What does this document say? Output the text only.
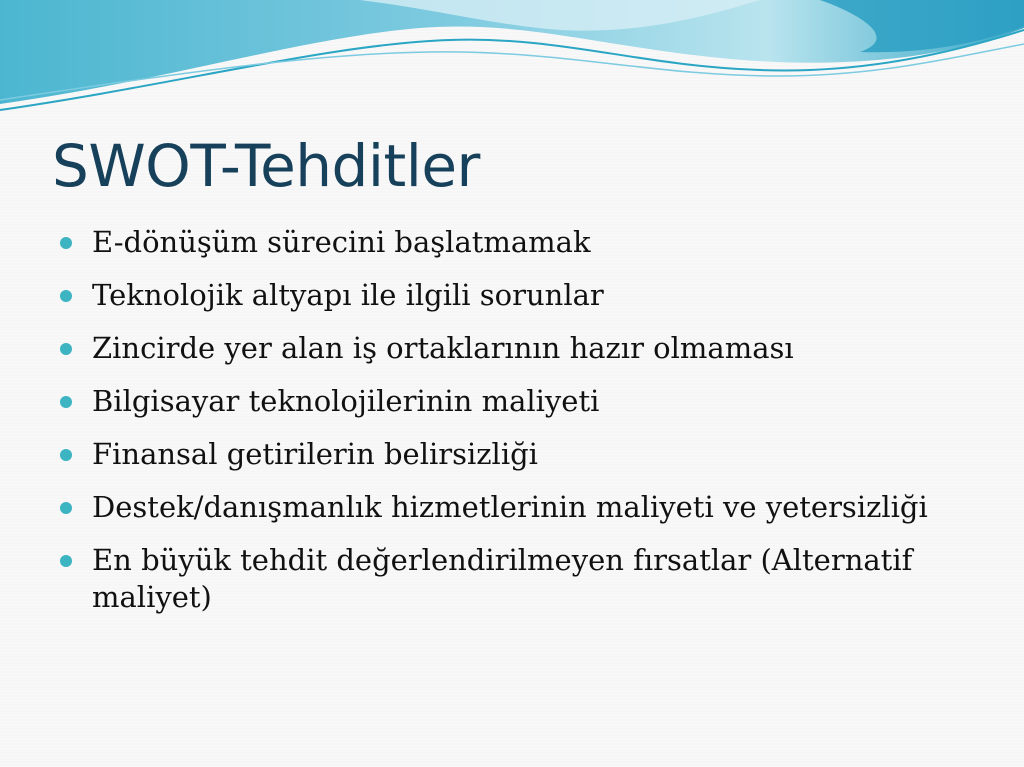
SWOT-Tehditler
E-dönüşüm sürecini başlatmamak
Teknolojik altyapı ile ilgili sorunlar
Zincirde yer alan iş ortaklarının hazır olmaması
Bilgisayar teknolojilerinin maliyeti
Finansal getirilerin belirsizliği
Destek/danışmanlık hizmetlerinin maliyeti ve yetersizliği
En büyük tehdit değerlendirilmeyen fırsatlar (Alternatif maliyet)
